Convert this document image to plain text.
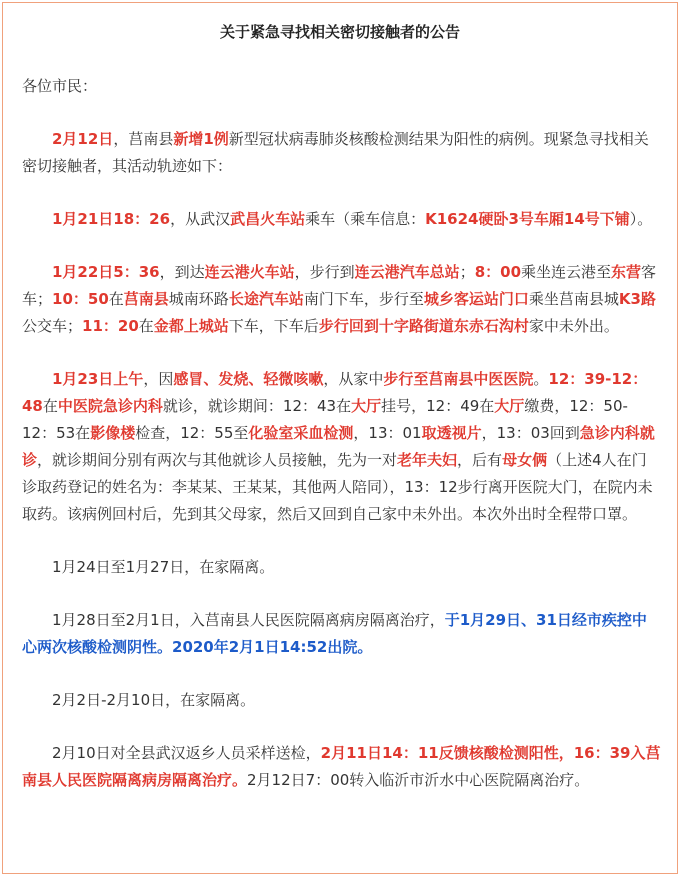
关于紧急寻找相关密切接触者的公告

各位市民：

2月12日，莒南县新增1例新型冠状病毒肺炎核酸检测结果为阳性的病例。现紧急寻找相关密切接触者，其活动轨迹如下：

1月21日18：26，从武汉武昌火车站乘车（乘车信息：K1624硬卧3号车厢14号下铺）。

1月22日5：36，到达连云港火车站，步行到连云港汽车总站；8：00乘坐连云港至东营客车；10：50在莒南县城南环路长途汽车站南门下车，步行至城乡客运站门口乘坐莒南县城K3路公交车；11：20在金都上城站下车，下车后步行回到十字路街道东赤石沟村家中未外出。

1月23日上午，因感冒、发烧、轻微咳嗽，从家中步行至莒南县中医医院。12：39-12：48在中医院急诊内科就诊，就诊期间：12：43在大厅挂号，12：49在大厅缴费，12：50-12：53在影像楼检查，12：55至化验室采血检测，13：01取透视片，13：03回到急诊内科就诊，就诊期间分别有两次与其他就诊人员接触，先为一对老年夫妇，后有母女俩（上述4人在门诊取药登记的姓名为：李某某、王某某，其他两人陪同），13：12步行离开医院大门，在院内未取药。该病例回村后，先到其父母家，然后又回到自己家中未外出。本次外出时全程带口罩。

1月24日至1月27日，在家隔离。

1月28日至2月1日，入莒南县人民医院隔离病房隔离治疗，于1月29日、31日经市疾控中心两次核酸检测阴性。2020年2月1日14:52出院。

2月2日-2月10日，在家隔离。

2月10日对全县武汉返乡人员采样送检，2月11日14：11反馈核酸检测阳性，16：39入莒南县人民医院隔离病房隔离治疗。2月12日7：00转入临沂市沂水中心医院隔离治疗。
